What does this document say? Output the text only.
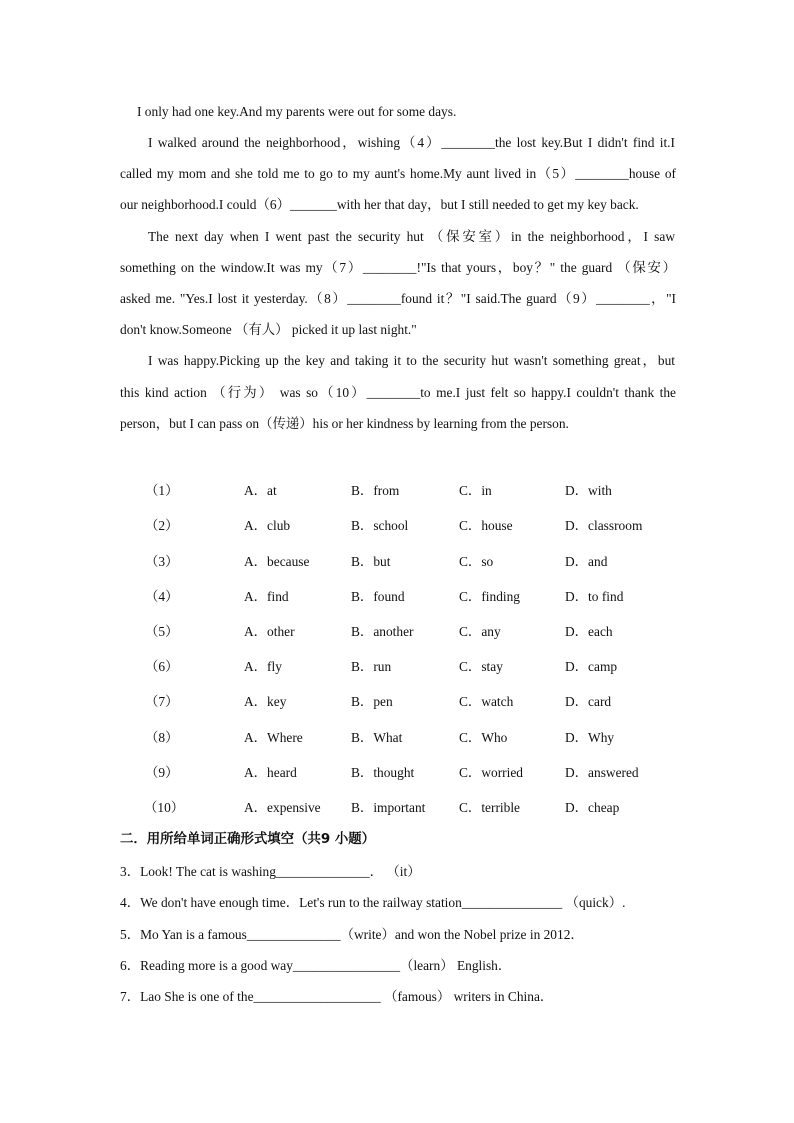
I only had one key.And my parents were out for some days.
I walked around the neighborhood，wishing（4）________the lost key.But I didn't find it.I
called my mom and she told me to go to my aunt's home.My aunt lived in（5）________house of
our neighborhood.I could（6）_______with her that day，but I still needed to get my key back.
The next day when I went past the security hut （保安室）in the neighborhood，I saw
something on the window.It was my（7）________!"Is that yours，boy？" the guard （保安）
asked me. "Yes.I lost it yesterday.（8）________found it？"I said.The guard（9）________，"I
don't know.Someone （有人） picked it up last night."
I was happy.Picking up the key and taking it to the security hut wasn't something great，but
this kind action （行为） was so（10）________to me.I just felt so happy.I couldn't thank the
person，but I can pass on（传递）his or her kindness by learning from the person.
（1）	A．at	B．from	C．in	D．with
（2）	A．club	B．school	C．house	D．classroom
（3）	A．because	B．but	C．so	D．and
（4）	A．find	B．found	C．finding	D．to find
（5）	A．other	B．another	C．any	D．each
（6）	A．fly	B．run	C．stay	D．camp
（7）	A．key	B．pen	C．watch	D．card
（8）	A．Where	B．What	C．Who	D．Why
（9）	A．heard	B．thought	C．worried	D．answered
（10）	A．expensive B．important	C．terrible	D．cheap
二．用所给单词正确形式填空（共9 小题）
3．Look! The cat is washing______________． （it）
4．We don't have enough time．Let's run to the railway station_______________ （quick）.
5．Mo Yan is a famous______________（write）and won the Nobel prize in 2012．
6．Reading more is a good way________________（learn） English．
7．Lao She is one of the___________________ （famous） writers in China．
